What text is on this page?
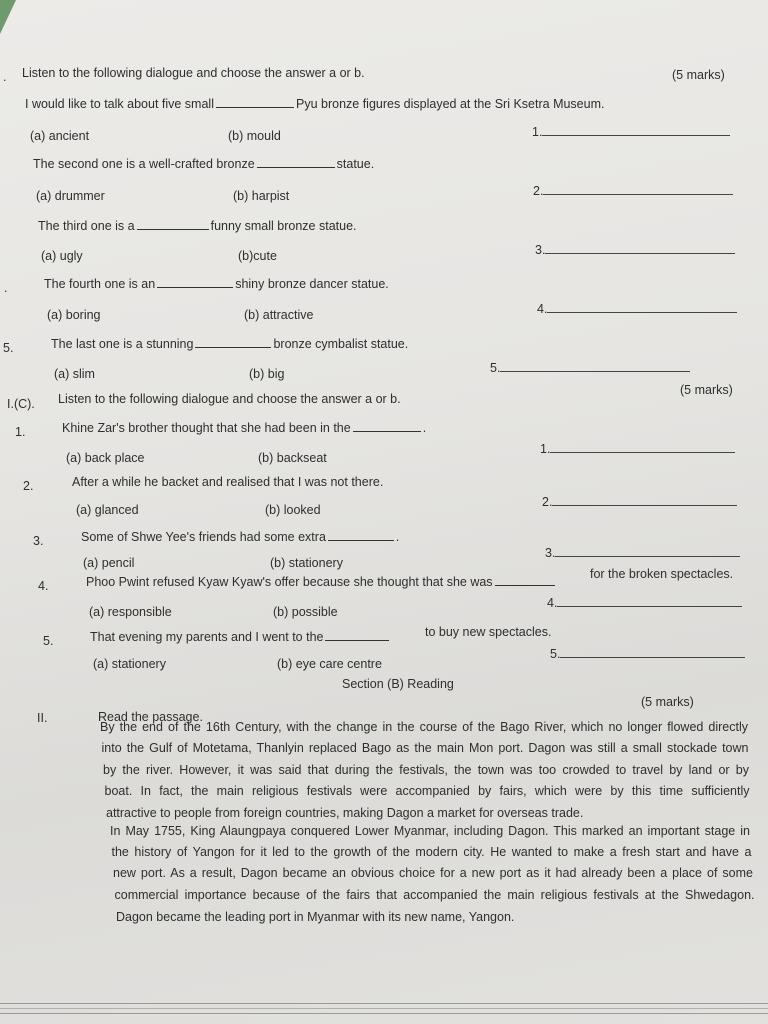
. Listen to the following dialogue and choose the answer a or b.	(5 marks)
I would like to talk about five small	Pyu bronze figures displayed at the Sri Ksetra Museum.
(a) ancient	(b) mould	1.
The second one is a well-crafted bronze	statue.
(a) drummer	(b) harpist	2.
The third one is a	funny small bronze statue.
(a) ugly	(b)cute	3.
.	The fourth one is an	shiny bronze dancer statue.
(a) boring	(b) attractive	4.
5.	The last one is a stunning	bronze cymbalist statue.
(a) slim	(b) big	5.
1.	Khine Zar's brother thought that she had been in the	.
(a) back place	(b) backseat
1.
2.	After a while he backet and realised that I was not there.
(a) glanced	(b) looked
2.
3.	Some of Shwe Yee's friends had some extra	.
(a) pencil	(b) stationery
3.
4.	Phoo Pwint refused Kyaw Kyaw's offer because she thought that she was
(a) responsible	(b) possible
4.
5.	That evening my parents and I went to the
(a) stationery	(b) eye care centre
5.
for the broken spectacles.
to buy new spectacles.
I.(C). Listen to the following dialogue and choose the answer a or b.
(5 marks)
Section (B) Reading
II.	Read the passage.
(5 marks)
By the end of the 16th Century, with the change in the course of the Bago River, which no longer flowed directly
into the Gulf of Motetama, Thanlyin replaced Bago as the main Mon port. Dagon was still a small stockade town
by the river. However, it was said that during the festivals, the town was too crowded to travel by land or by
boat. In fact, the main religious festivals were accompanied by fairs, which were by this time sufficiently
attractive to people from foreign countries, making Dagon a market for overseas trade.
In May 1755, King Alaungpaya conquered Lower Myanmar, including Dagon. This marked an important stage in
the history of Yangon for it led to the growth of the modern city. He wanted to make a fresh start and have a
new port. As a result, Dagon became an obvious choice for a new port as it had already been a place of some
commercial importance because of the fairs that accompanied the main religious festivals at the Shwedagon.
Dagon became the leading port in Myanmar with its new name, Yangon.
